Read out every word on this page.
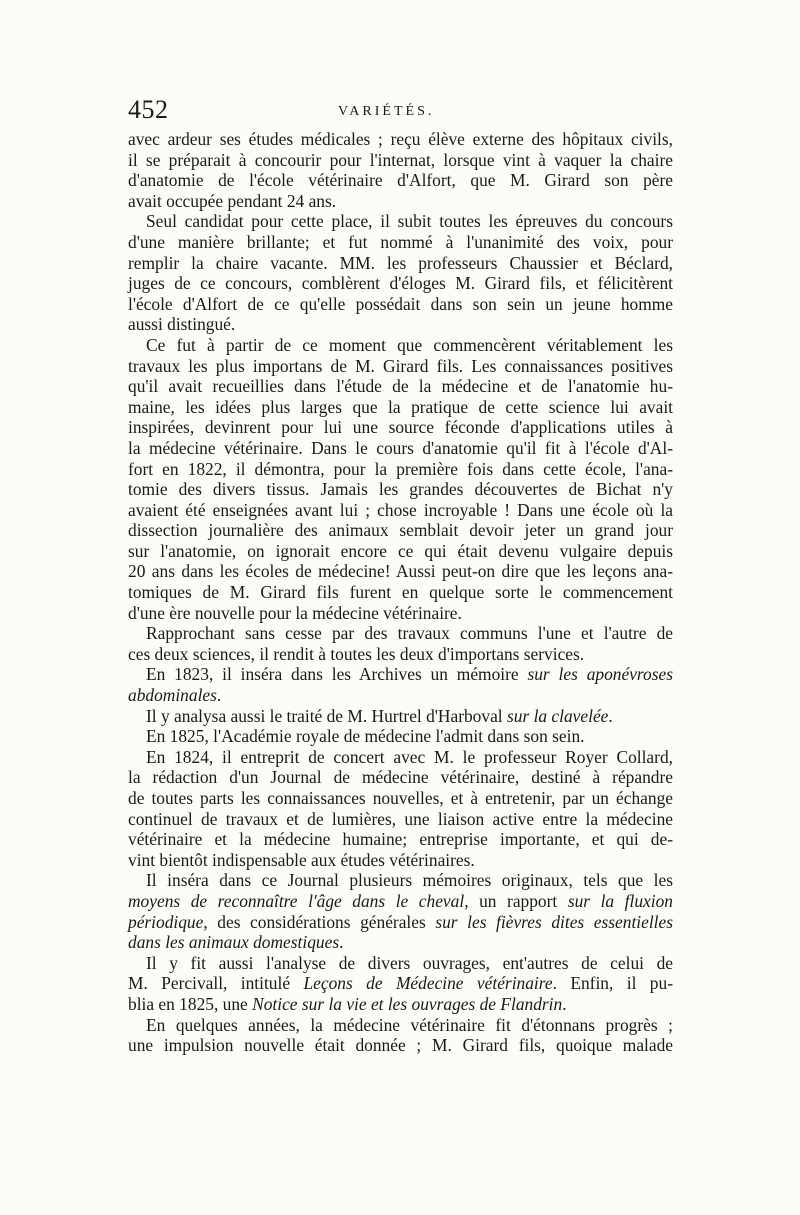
452	VARIÉTÉS.
avec ardeur ses études médicales ; reçu élève externe des hôpitaux civils,
il se préparait à concourir pour l'internat, lorsque vint à vaquer la chaire
d'anatomie de l'école vétérinaire d'Alfort, que M. Girard son père
avait occupée pendant 24 ans.
Seul candidat pour cette place, il subit toutes les épreuves du concours
d'une manière brillante; et fut nommé à l'unanimité des voix, pour
remplir la chaire vacante. MM. les professeurs Chaussier et Béclard,
juges de ce concours, comblèrent d'éloges M. Girard fils, et félicitèrent
l'école d'Alfort de ce qu'elle possédait dans son sein un jeune homme
aussi distingué.
Ce fut à partir de ce moment que commencèrent véritablement les
travaux les plus importans de M. Girard fils. Les connaissances positives
qu'il avait recueillies dans l'étude de la médecine et de l'anatomie hu-
maine, les idées plus larges que la pratique de cette science lui avait
inspirées, devinrent pour lui une source féconde d'applications utiles à
la médecine vétérinaire. Dans le cours d'anatomie qu'il fit à l'école d'Al-
fort en 1822, il démontra, pour la première fois dans cette école, l'ana-
tomie des divers tissus. Jamais les grandes découvertes de Bichat n'y
avaient été enseignées avant lui ; chose incroyable ! Dans une école où la
dissection journalière des animaux semblait devoir jeter un grand jour
sur l'anatomie, on ignorait encore ce qui était devenu vulgaire depuis
20 ans dans les écoles de médecine! Aussi peut-on dire que les leçons ana-
tomiques de M. Girard fils furent en quelque sorte le commencement
d'une ère nouvelle pour la médecine vétérinaire.
Rapprochant sans cesse par des travaux communs l'une et l'autre de
ces deux sciences, il rendit à toutes les deux d'importans services.
En 1823, il inséra dans les Archives un mémoire sur les aponévroses
abdominales.
Il y analysa aussi le traité de M. Hurtrel d'Harboval sur la clavelée.
En 1825, l'Académie royale de médecine l'admit dans son sein.
En 1824, il entreprit de concert avec M. le professeur Royer Collard,
la rédaction d'un Journal de médecine vétérinaire, destiné à répandre
de toutes parts les connaissances nouvelles, et à entretenir, par un échange
continuel de travaux et de lumières, une liaison active entre la médecine
vétérinaire et la médecine humaine; entreprise importante, et qui de-
vint bientôt indispensable aux études vétérinaires.
Il inséra dans ce Journal plusieurs mémoires originaux, tels que les
moyens de reconnaître l'âge dans le cheval, un rapport sur la fluxion
périodique, des considérations générales sur les fièvres dites essentielles
dans les animaux domestiques.
Il y fit aussi l'analyse de divers ouvrages, ent'autres de celui de
M. Percivall, intitulé Leçons de Médecine vétérinaire. Enfin, il pu-
blia en 1825, une Notice sur la vie et les ouvrages de Flandrin.
En quelques années, la médecine vétérinaire fit d'étonnans progrès ;
une impulsion nouvelle était donnée ; M. Girard fils, quoique malade
